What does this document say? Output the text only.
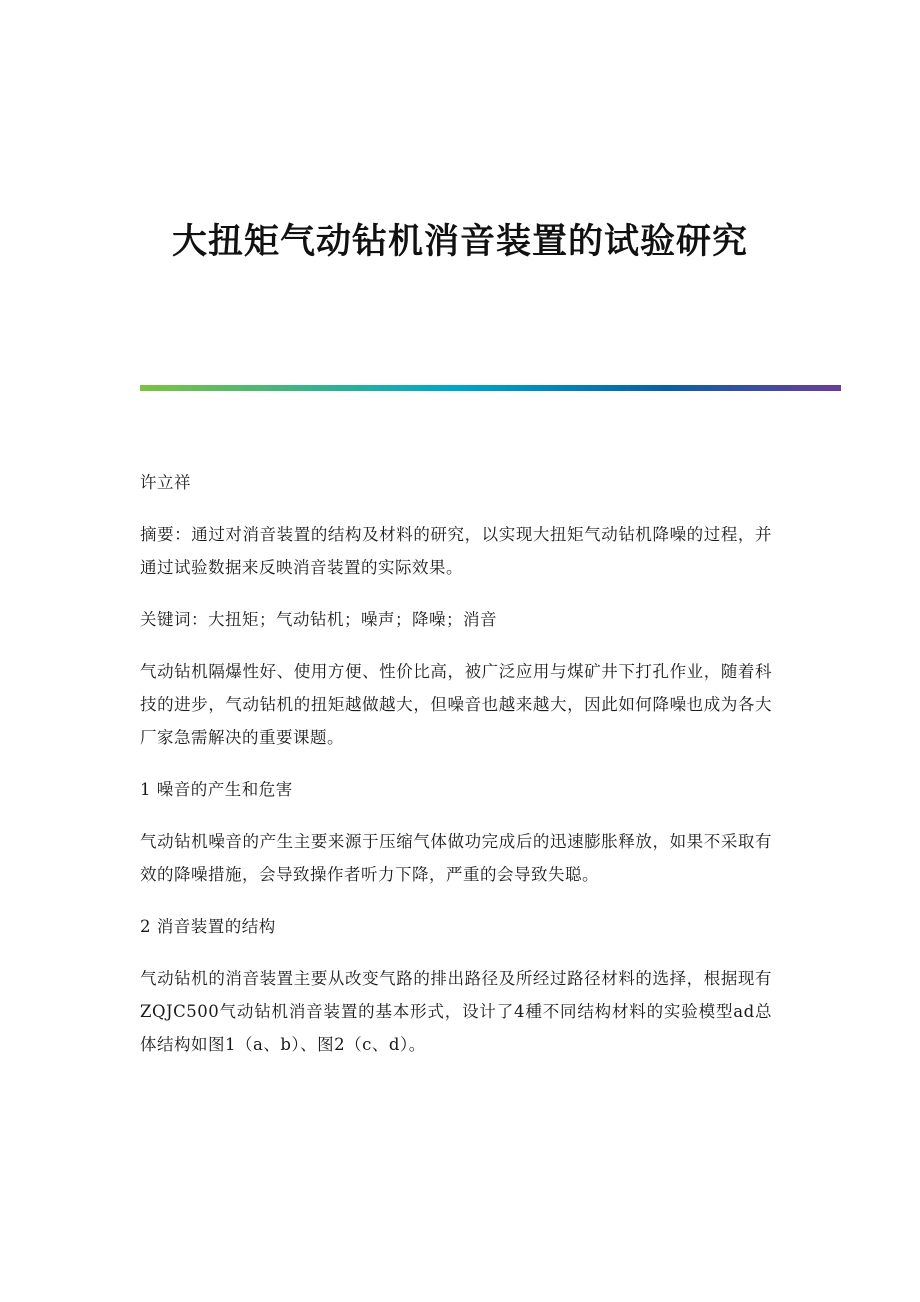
大扭矩气动钻机消音装置的试验研究

许立祥

摘要：通过对消音装置的结构及材料的研究，以实现大扭矩气动钻机降噪的过程，并通过试验数据来反映消音装置的实际效果。

关键词：大扭矩；气动钻机；噪声；降噪；消音

气动钻机隔爆性好、使用方便、性价比高，被广泛应用与煤矿井下打孔作业，随着科技的进步，气动钻机的扭矩越做越大，但噪音也越来越大，因此如何降噪也成为各大厂家急需解决的重要课题。

1 噪音的产生和危害

气动钻机噪音的产生主要来源于压缩气体做功完成后的迅速膨胀释放，如果不采取有效的降噪措施，会导致操作者听力下降，严重的会导致失聪。

2 消音装置的结构

气动钻机的消音装置主要从改变气路的排出路径及所经过路径材料的选择，根据现有ZQJC500气动钻机消音装置的基本形式，设计了4種不同结构材料的实验模型ad总体结构如图1（a、b）、图2（c、d）。
